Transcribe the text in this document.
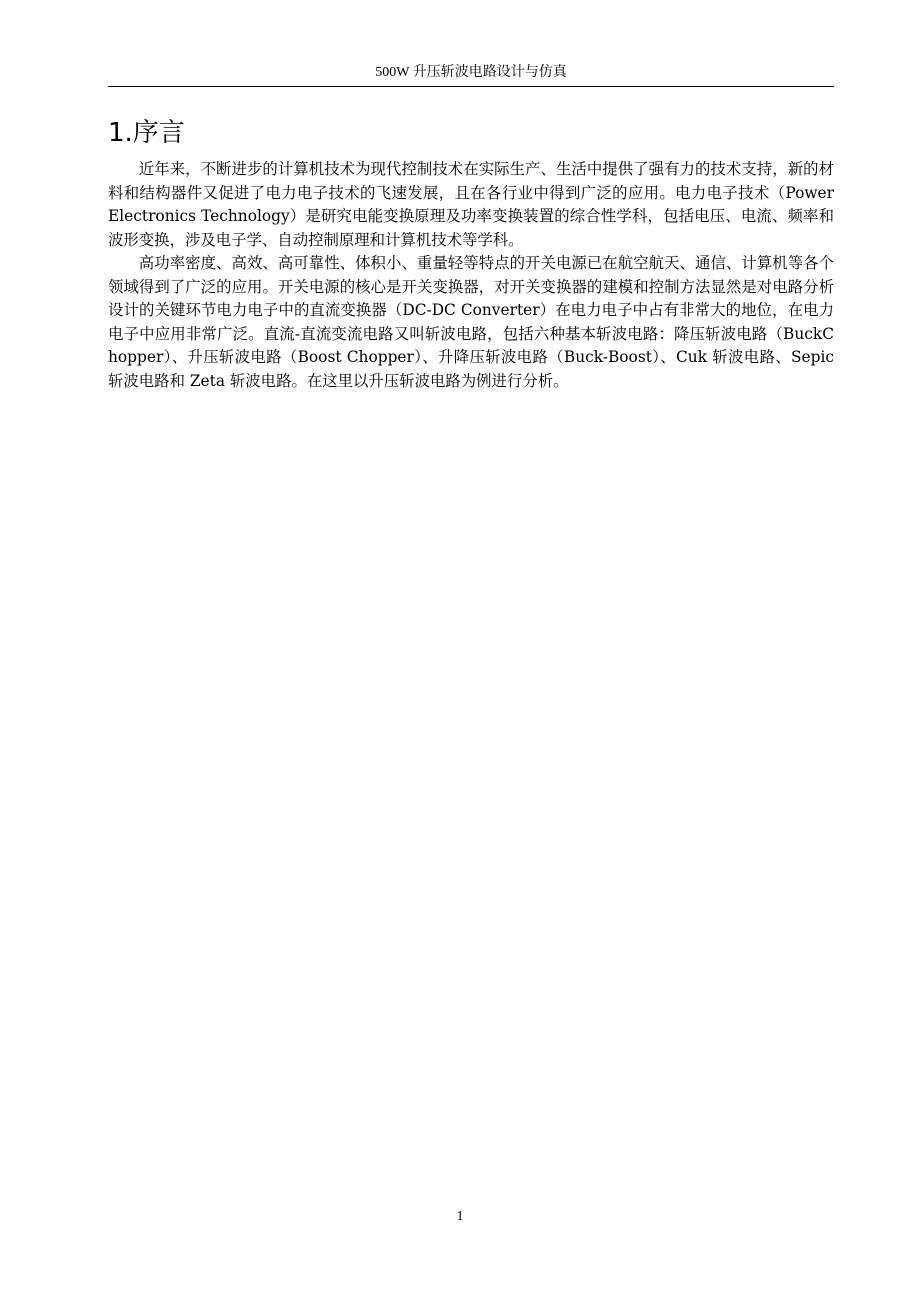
500W 升压斩波电路设计与仿真
1.序言

近年来，不断进步的计算机技术为现代控制技术在实际生产、生活中提供了强有力的技术支持，新的材料和结构器件又促进了电力电子技术的飞速发展，且在各行业中得到广泛的应用。电力电子技术（Power Electronics Technology）是研究电能变换原理及功率变换装置的综合性学科，包括电压、电流、频率和波形变换，涉及电子学、自动控制原理和计算机技术等学科。

高功率密度、高效、高可靠性、体积小、重量轻等特点的开关电源已在航空航天、通信、计算机等各个领域得到了广泛的应用。开关电源的核心是开关变换器，对开关变换器的建模和控制方法显然是对电路分析设计的关键环节电力电子中的直流变换器（DC-DC Converter）在电力电子中占有非常大的地位，在电力电子中应用非常广泛。直流-直流变流电路又叫斩波电路，包括六种基本斩波电路：降压斩波电路（BuckChopper）、升压斩波电路（Boost Chopper）、升降压斩波电路（Buck-Boost）、Cuk 斩波电路、Sepic 斩波电路和 Zeta 斩波电路。在这里以升压斩波电路为例进行分析。

1
